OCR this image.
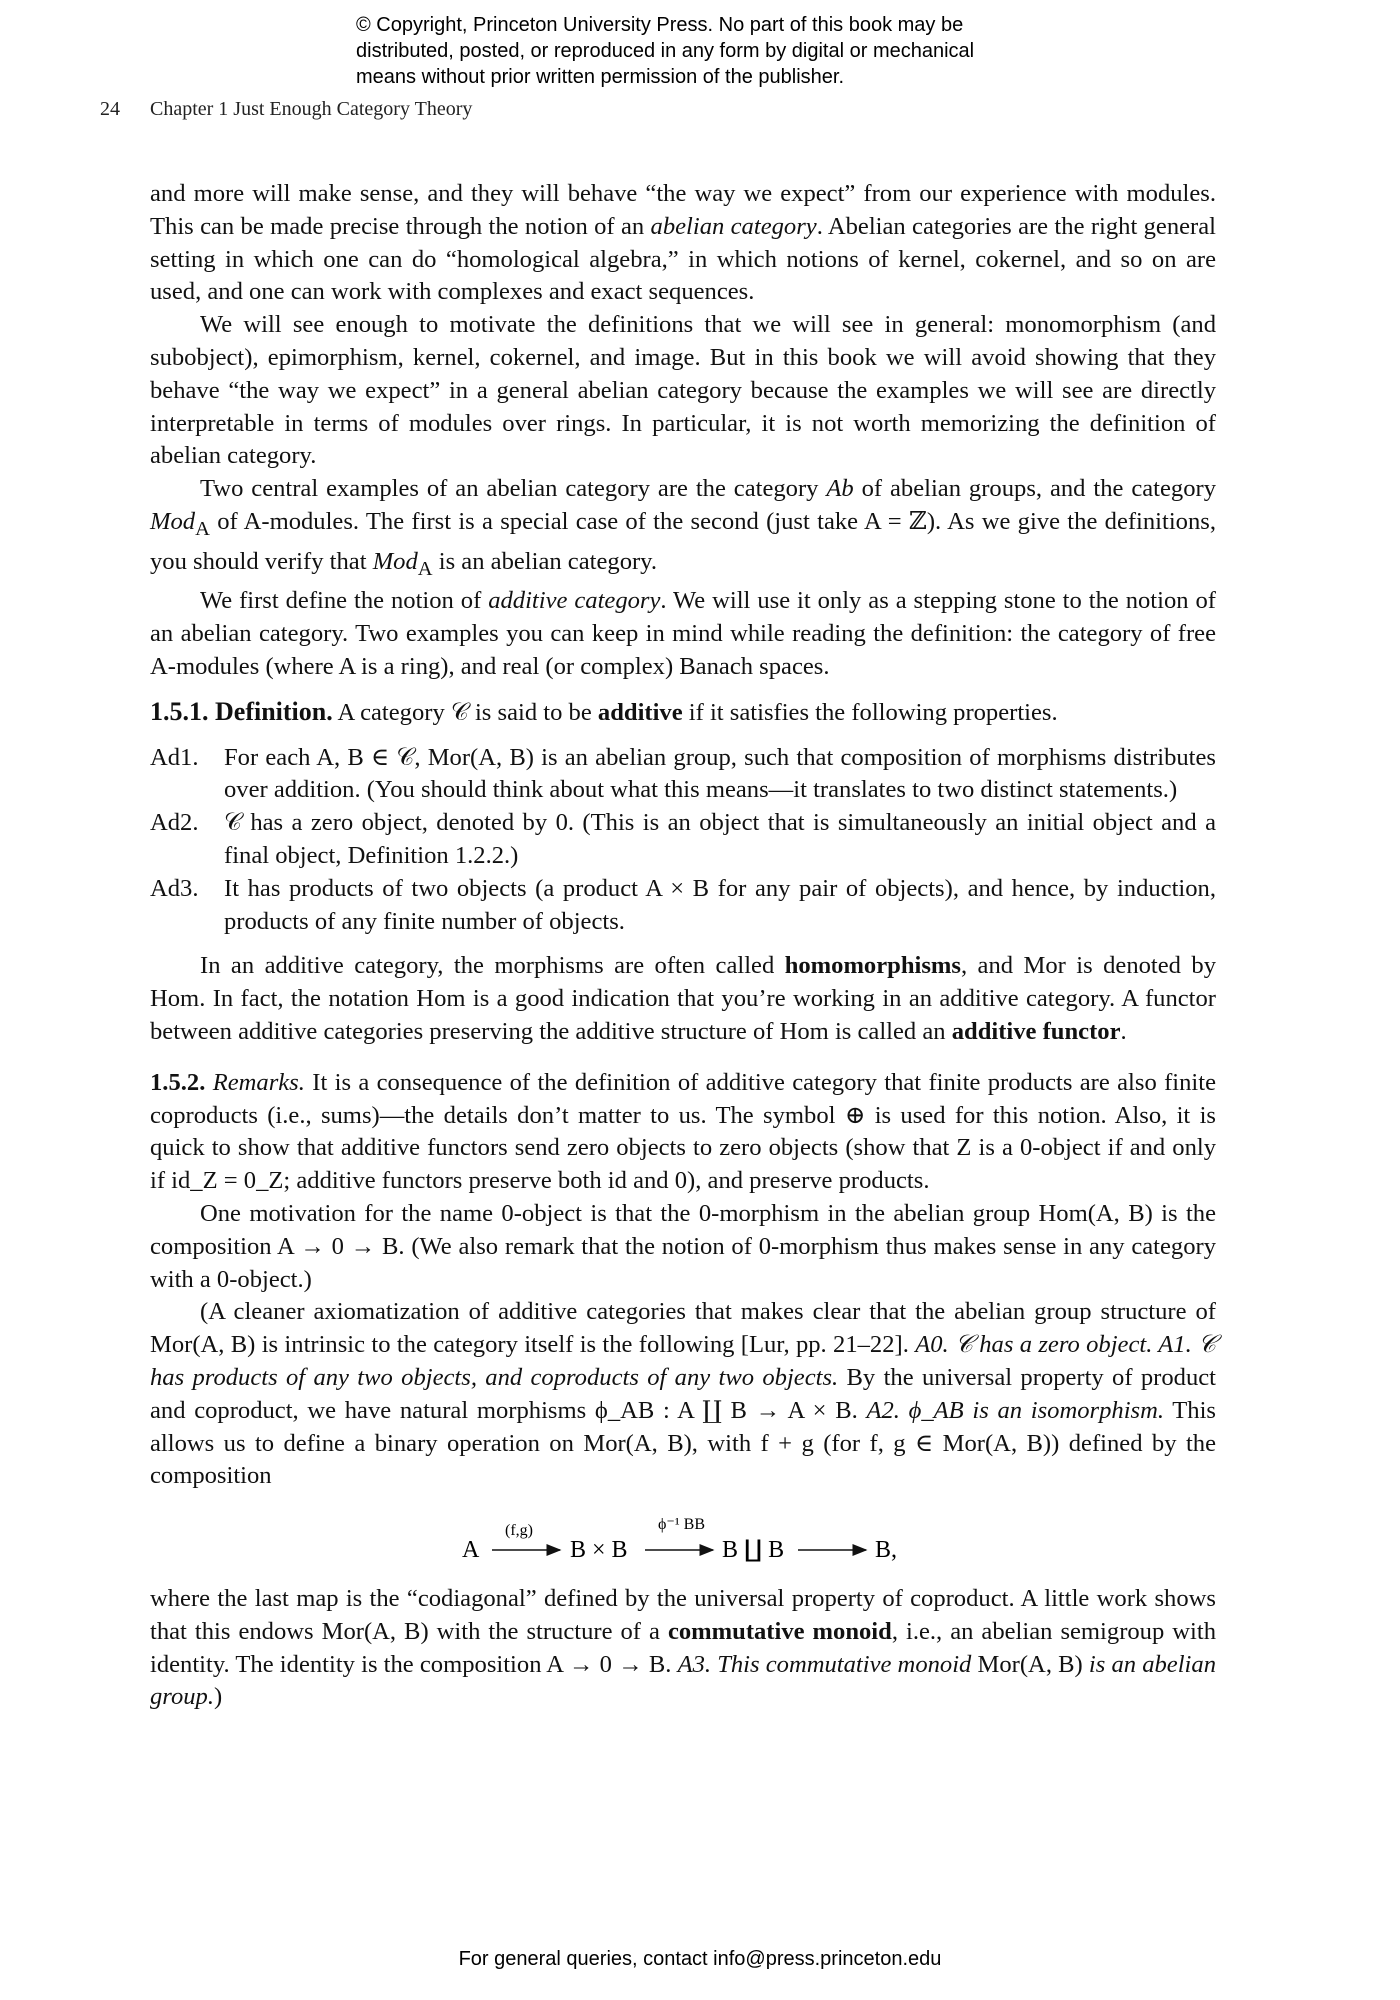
© Copyright, Princeton University Press. No part of this book may be
distributed, posted, or reproduced in any form by digital or mechanical
means without prior written permission of the publisher.
24 Chapter 1 Just Enough Category Theory

and more will make sense, and they will behave “the way we expect” from our experience with modules. This can be made precise through the notion of an abelian category. Abelian categories are the right general setting in which one can do “homological algebra,” in which notions of kernel, cokernel, and so on are used, and one can work with complexes and exact sequences.

We will see enough to motivate the definitions that we will see in general: monomorphism (and subobject), epimorphism, kernel, cokernel, and image. But in this book we will avoid showing that they behave “the way we expect” in a general abelian category because the examples we will see are directly interpretable in terms of modules over rings. In particular, it is not worth memorizing the definition of abelian category.

Two central examples of an abelian category are the category Ab of abelian groups, and the category Mod$_A$ of A-modules. The first is a special case of the second (just take A = ℤ). As we give the definitions, you should verify that Mod$_A$ is an abelian category.

We first define the notion of additive category. We will use it only as a stepping stone to the notion of an abelian category. Two examples you can keep in mind while reading the definition: the category of free A-modules (where A is a ring), and real (or complex) Banach spaces.

1.5.1. Definition. A category 𝒞 is said to be additive if it satisfies the following properties.

Ad1.	For each A, B ∈ 𝒞, Mor(A, B) is an abelian group, such that composition of morphisms distributes over addition. (You should think about what this means—it translates to two distinct statements.)
Ad2.	𝒞 has a zero object, denoted by 0. (This is an object that is simultaneously an initial object and a final object, Definition 1.2.2.)
Ad3.	It has products of two objects (a product A × B for any pair of objects), and hence, by induction, products of any finite number of objects.

In an additive category, the morphisms are often called homomorphisms, and Mor is denoted by Hom. In fact, the notation Hom is a good indication that you’re working in an additive category. A functor between additive categories preserving the additive structure of Hom is called an additive functor.

1.5.2. Remarks. It is a consequence of the definition of additive category that finite products are also finite coproducts (i.e., sums)—the details don’t matter to us. The symbol ⊕ is used for this notion. Also, it is quick to show that additive functors send zero objects to zero objects (show that Z is a 0-object if and only if id_Z = 0_Z; additive functors preserve both id and 0), and preserve products.

One motivation for the name 0-object is that the 0-morphism in the abelian group Hom(A, B) is the composition A → 0 → B. (We also remark that the notion of 0-morphism thus makes sense in any category with a 0-object.)

(A cleaner axiomatization of additive categories that makes clear that the abelian group structure of Mor(A, B) is intrinsic to the category itself is the following [Lur, pp. 21–22]. A0. 𝒞 has a zero object. A1. 𝒞 has products of any two objects, and coproducts of any two objects. By the universal property of product and coproduct, we have natural morphisms ϕ_AB : A ∐ B → A × B. A2. ϕ_AB is an isomorphism. This allows us to define a binary operation on Mor(A, B), with f + g (for f, g ∈ Mor(A, B)) defined by the composition

A
(f,g)
B × B
ϕ⁻¹ BB
B ∐ B	B,

where the last map is the “codiagonal” defined by the universal property of coproduct. A little work shows that this endows Mor(A, B) with the structure of a commutative monoid, i.e., an abelian semigroup with identity. The identity is the composition A → 0 → B. A3. This commutative monoid Mor(A, B) is an abelian group.)

For general queries, contact info@press.princeton.edu
